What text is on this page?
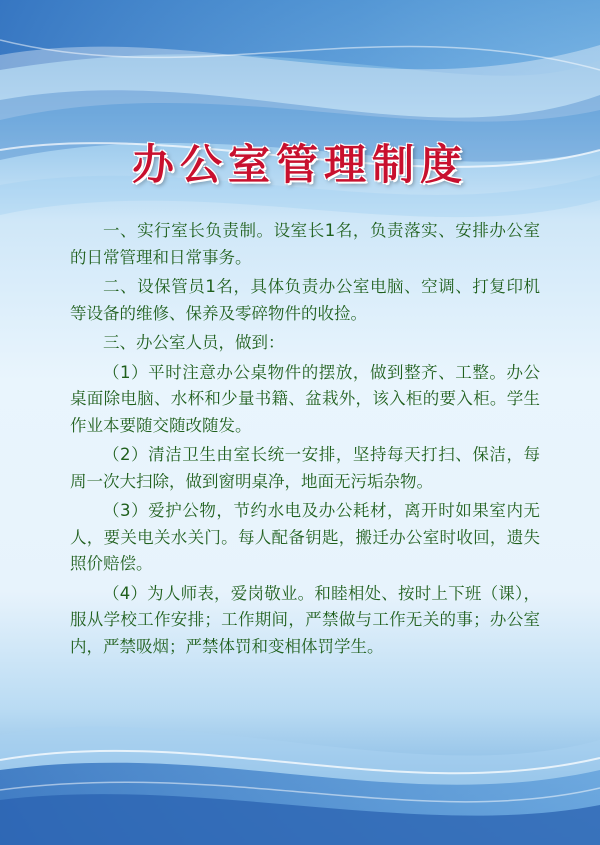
办公室管理制度

一、实行室长负责制。设室长1名，负责落实、安排办公室的日常管理和日常事务。

二、设保管员1名，具体负责办公室电脑、空调、打复印机等设备的维修、保养及零碎物件的收捡。

三、办公室人员，做到：

（1）平时注意办公桌物件的摆放，做到整齐、工整。办公桌面除电脑、水杯和少量书籍、盆栽外，该入柜的要入柜。学生作业本要随交随改随发。

（2）清洁卫生由室长统一安排，坚持每天打扫、保洁，每周一次大扫除，做到窗明桌净，地面无污垢杂物。

（3）爱护公物，节约水电及办公耗材，离开时如果室内无人，要关电关水关门。每人配备钥匙，搬迁办公室时收回，遗失照价赔偿。

（4）为人师表，爱岗敬业。和睦相处、按时上下班（课），服从学校工作安排；工作期间，严禁做与工作无关的事；办公室内，严禁吸烟；严禁体罚和变相体罚学生。
